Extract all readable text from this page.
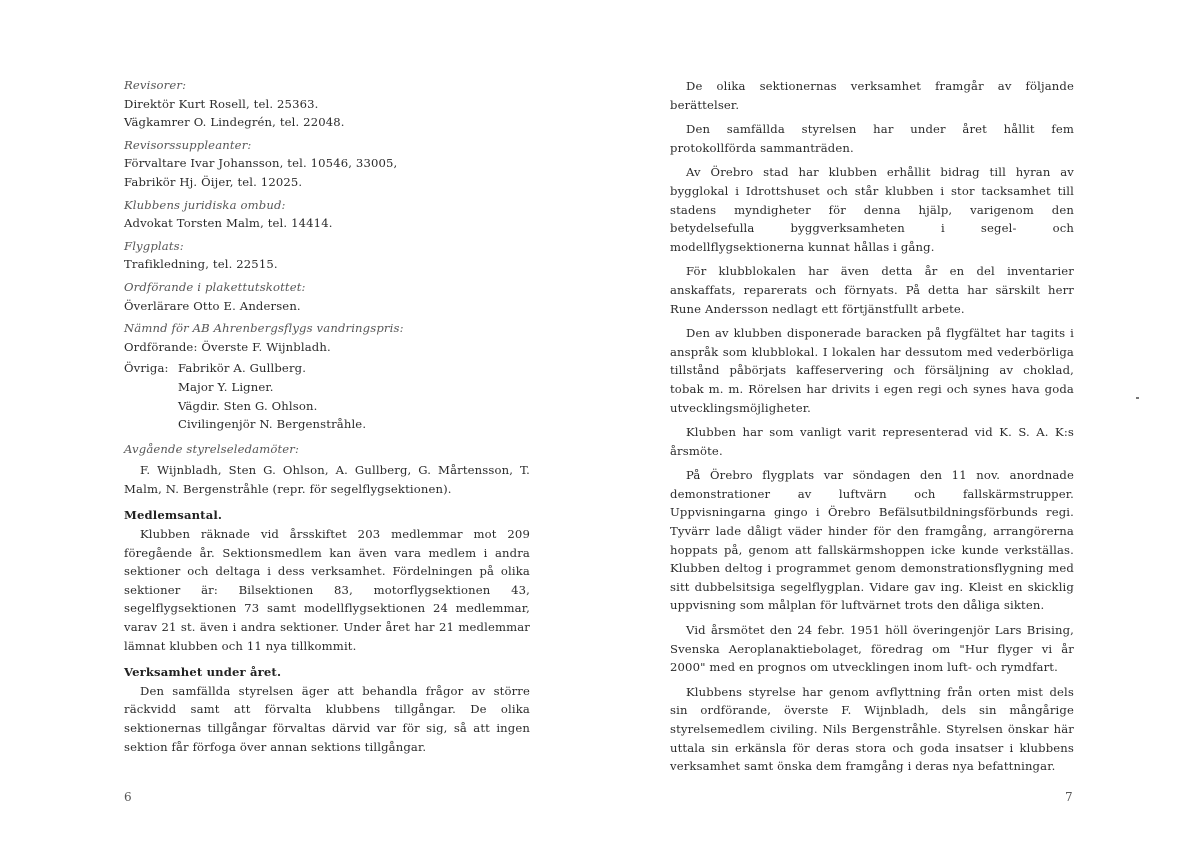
Revisorer:
Direktör Kurt Rosell, tel. 25363.
Vägkamrer O. Lindegrén, tel. 22048.
Revisorssuppleanter:
Förvaltare Ivar Johansson, tel. 10546, 33005,
Fabrikör Hj. Öijer, tel. 12025.
Klubbens juridiska ombud:
Advokat Torsten Malm, tel. 14414.
Flygplats:
Trafikledning, tel. 22515.
Ordförande i plakettutskottet:
Överlärare Otto E. Andersen.
Nämnd för AB Ahrenbergsflygs vandringspris:
Ordförande: Överste F. Wijnbladh.
Övriga: Fabrikör A. Gullberg.
Major Y. Ligner.
Vägdir. Sten G. Ohlson.
Civilingenjör N. Bergenstråhle.
Avgående styrelseledamöter:
F. Wijnbladh, Sten G. Ohlson, A. Gullberg, G. Mårtensson, T. Malm, N. Bergenstråhle (repr. för segelflygsektionen).
Medlemsantal.
Klubben räknade vid årsskiftet 203 medlemmar mot 209 föregående år. Sektionsmedlem kan även vara medlem i andra sektioner och deltaga i dess verksamhet. Fördelningen på olika sektioner är: Bilsektionen 83, motorflygsektionen 43, segelflygsektionen 73 samt modellflygsektionen 24 medlemmar, varav 21 st. även i andra sektioner. Under året har 21 medlemmar lämnat klubben och 11 nya tillkommit.
Verksamhet under året.
Den samfällda styrelsen äger att behandla frågor av större räckvidd samt att förvalta klubbens tillgångar. De olika sektionernas tillgångar förvaltas därvid var för sig, så att ingen sektion får förfoga över annan sektions tillgångar.
6
De olika sektionernas verksamhet framgår av följande berättelser.
Den samfällda styrelsen har under året hållit fem protokollförda sammanträden.
Av Örebro stad har klubben erhållit bidrag till hyran av bygglokal i Idrottshuset och står klubben i stor tacksamhet till stadens myndigheter för denna hjälp, varigenom den betydelsefulla byggverksamheten i segel- och modellflygsektionerna kunnat hållas i gång.
För klubblokalen har även detta år en del inventarier anskaffats, reparerats och förnyats. På detta har särskilt herr Rune Andersson nedlagt ett förtjänstfullt arbete.
Den av klubben disponerade baracken på flygfältet har tagits i anspråk som klubblokal. I lokalen har dessutom med vederbörliga tillstånd påbörjats kaffeservering och försäljning av choklad, tobak m. m. Rörelsen har drivits i egen regi och synes hava goda utvecklingsmöjligheter.
Klubben har som vanligt varit representerad vid K. S. A. K:s årsmöte.
På Örebro flygplats var söndagen den 11 nov. anordnade demonstrationer av luftvärn och fallskärmstrupper. Uppvisningarna gingo i Örebro Befälsutbildningsförbunds regi. Tyvärr lade dåligt väder hinder för den framgång, arrangörerna hoppats på, genom att fallskärmshoppen icke kunde verkställas. Klubben deltog i programmet genom demonstrationsflygning med sitt dubbelsitsiga segelflygplan. Vidare gav ing. Kleist en skicklig uppvisning som målplan för luftvärnet trots den dåliga sikten.
Vid årsmötet den 24 febr. 1951 höll överingenjör Lars Brising, Svenska Aeroplanaktiebolaget, föredrag om "Hur flyger vi år 2000" med en prognos om utvecklingen inom luft- och rymdfart.
Klubbens styrelse har genom avflyttning från orten mist dels sin ordförande, överste F. Wijnbladh, dels sin mångårige styrelsemedlem civiling. Nils Bergenstråhle. Styrelsen önskar här uttala sin erkänsla för deras stora och goda insatser i klubbens verksamhet samt önska dem framgång i deras nya befattningar.
7
